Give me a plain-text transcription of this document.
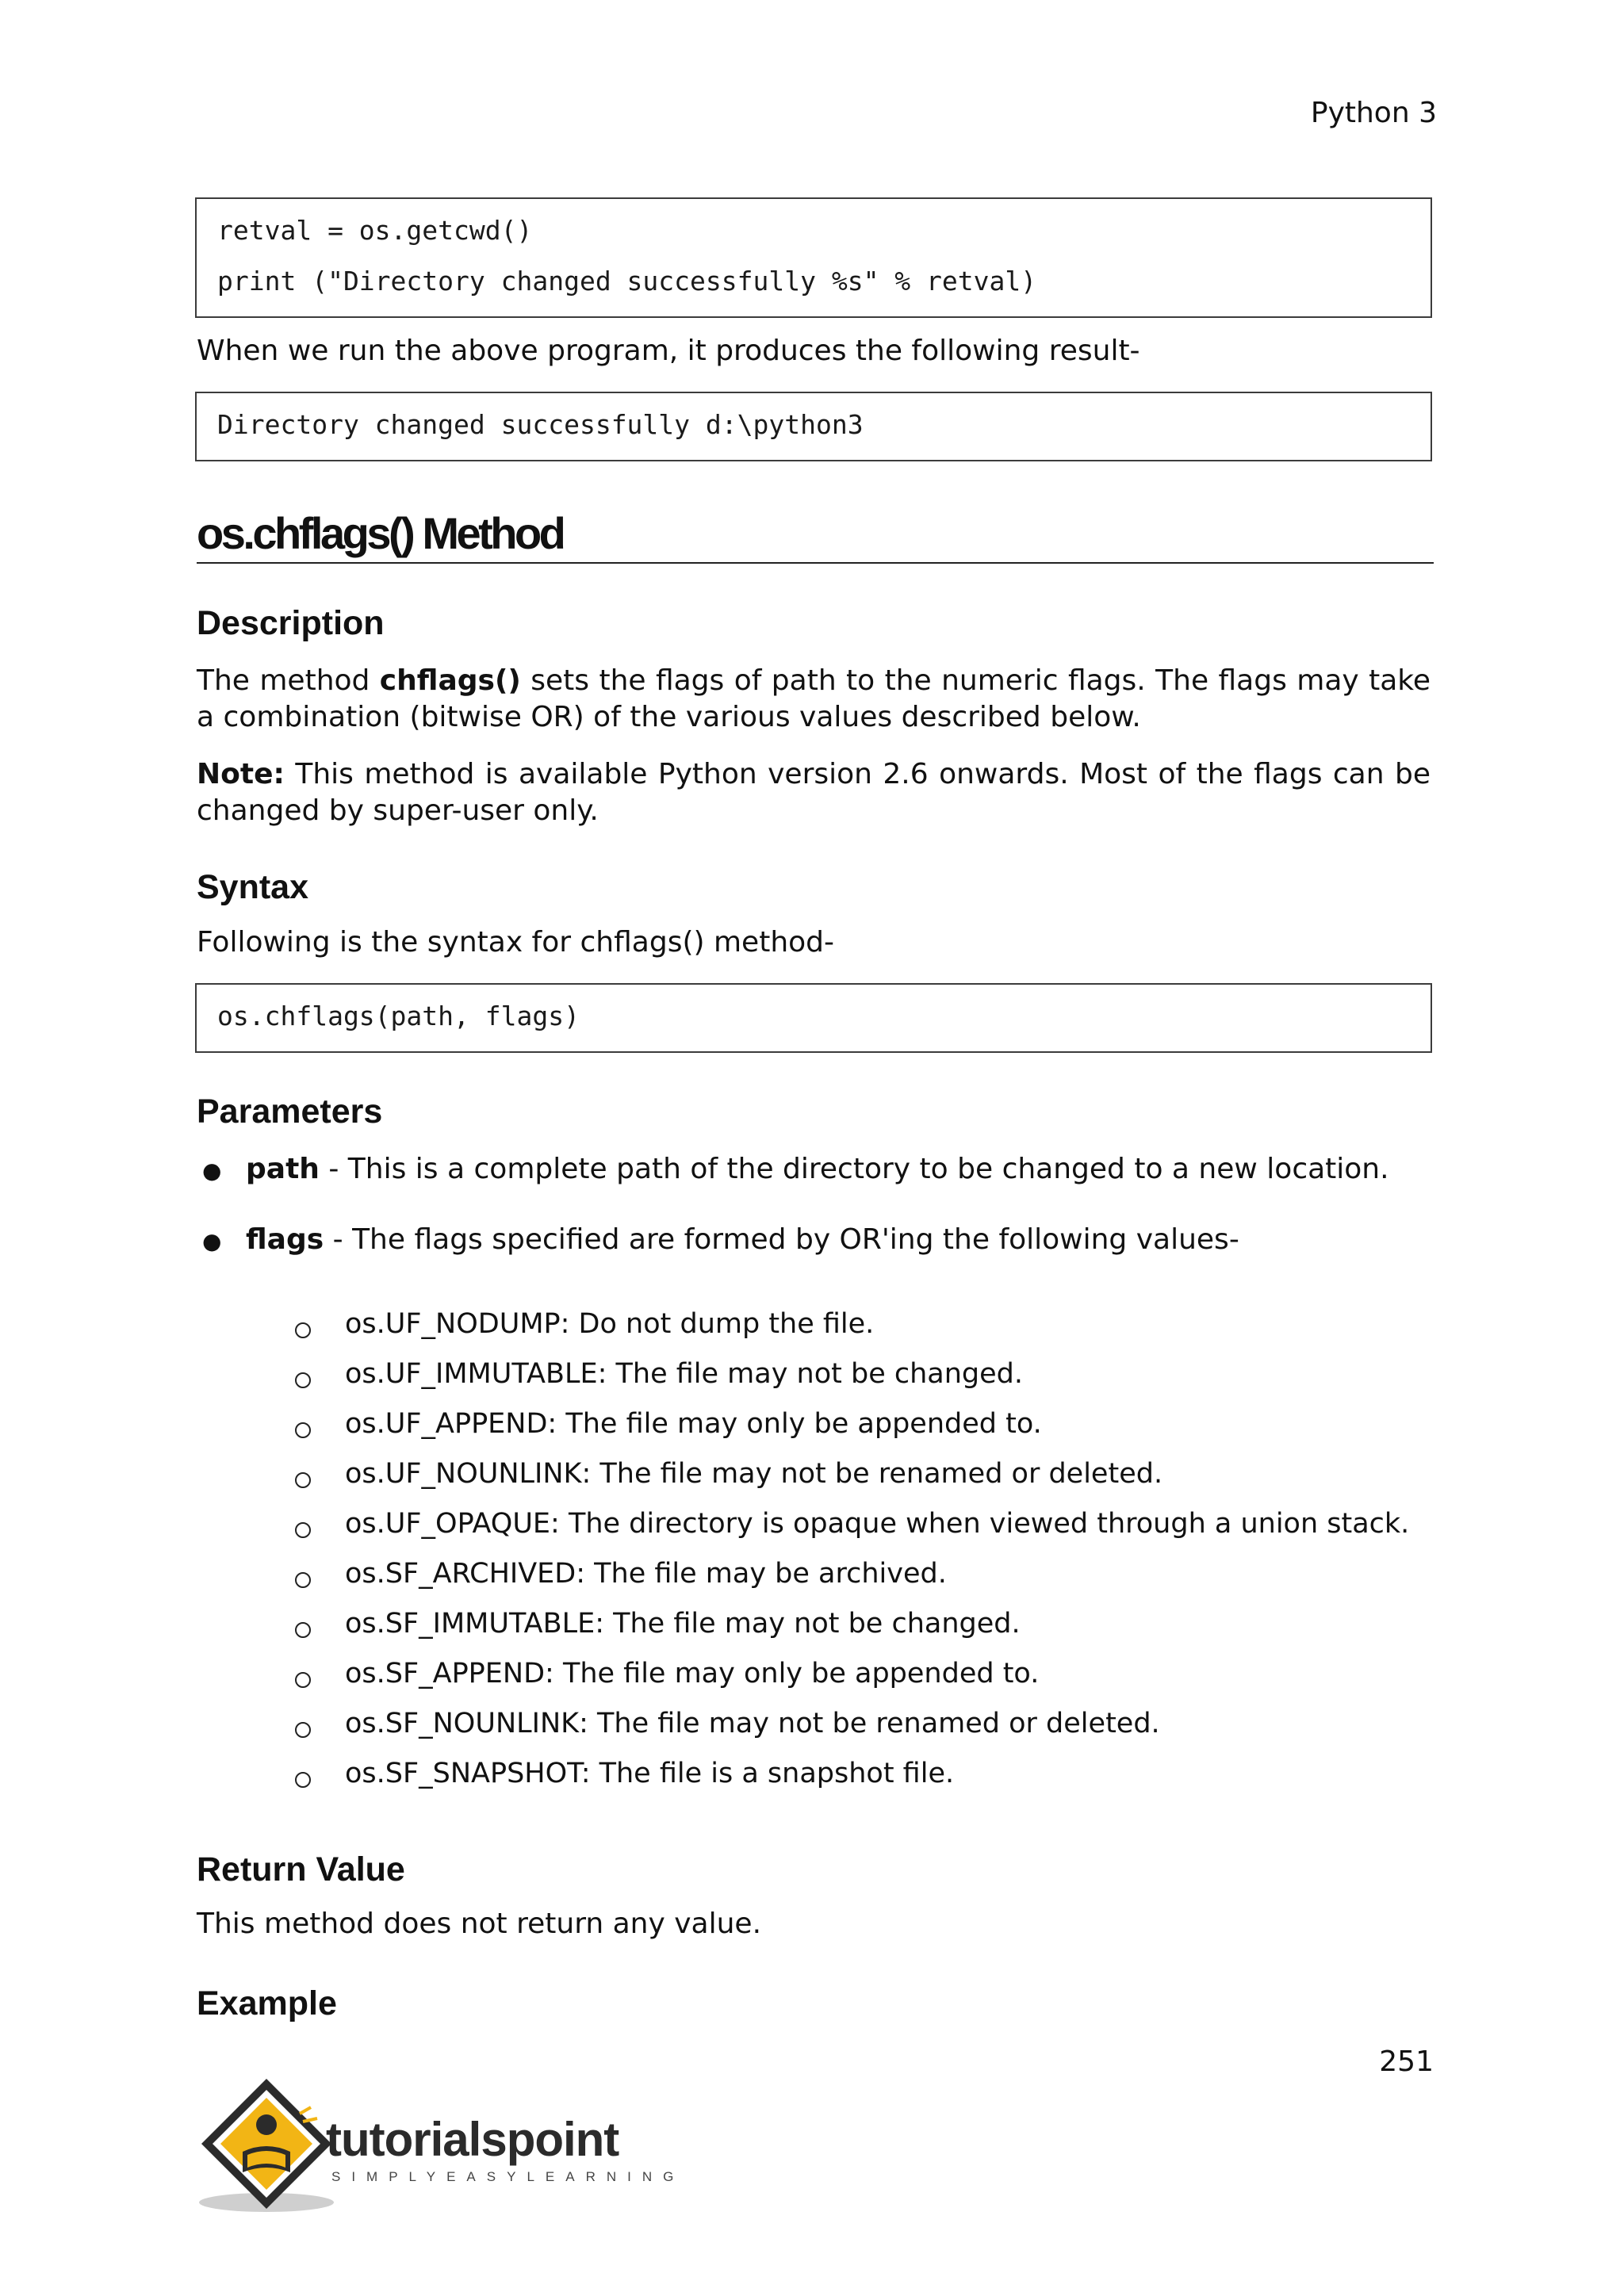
Python 3
retval = os.getcwd()
print ("Directory changed successfully %s" % retval)
When we run the above program, it produces the following result-
Directory changed successfully d:\python3
os.chflags() Method
Description
The method chflags() sets the flags of path to the numeric flags. The flags may take a combination (bitwise OR) of the various values described below.
Note: This method is available Python version 2.6 onwards. Most of the flags can be changed by super-user only.
Syntax
Following is the syntax for chflags() method-
os.chflags(path, flags)
Parameters
● path - This is a complete path of the directory to be changed to a new location.
● flags - The flags specified are formed by OR'ing the following values-
os.UF_NODUMP: Do not dump the file.
os.UF_IMMUTABLE: The file may not be changed.
os.UF_APPEND: The file may only be appended to.
os.UF_NOUNLINK: The file may not be renamed or deleted.
os.UF_OPAQUE: The directory is opaque when viewed through a union stack.
os.SF_ARCHIVED: The file may be archived.
os.SF_IMMUTABLE: The file may not be changed.
os.SF_APPEND: The file may only be appended to.
os.SF_NOUNLINK: The file may not be renamed or deleted.
os.SF_SNAPSHOT: The file is a snapshot file.
Return Value
This method does not return any value.
Example
251
tutorialspoint
SIMPLYEASYLEARNING
